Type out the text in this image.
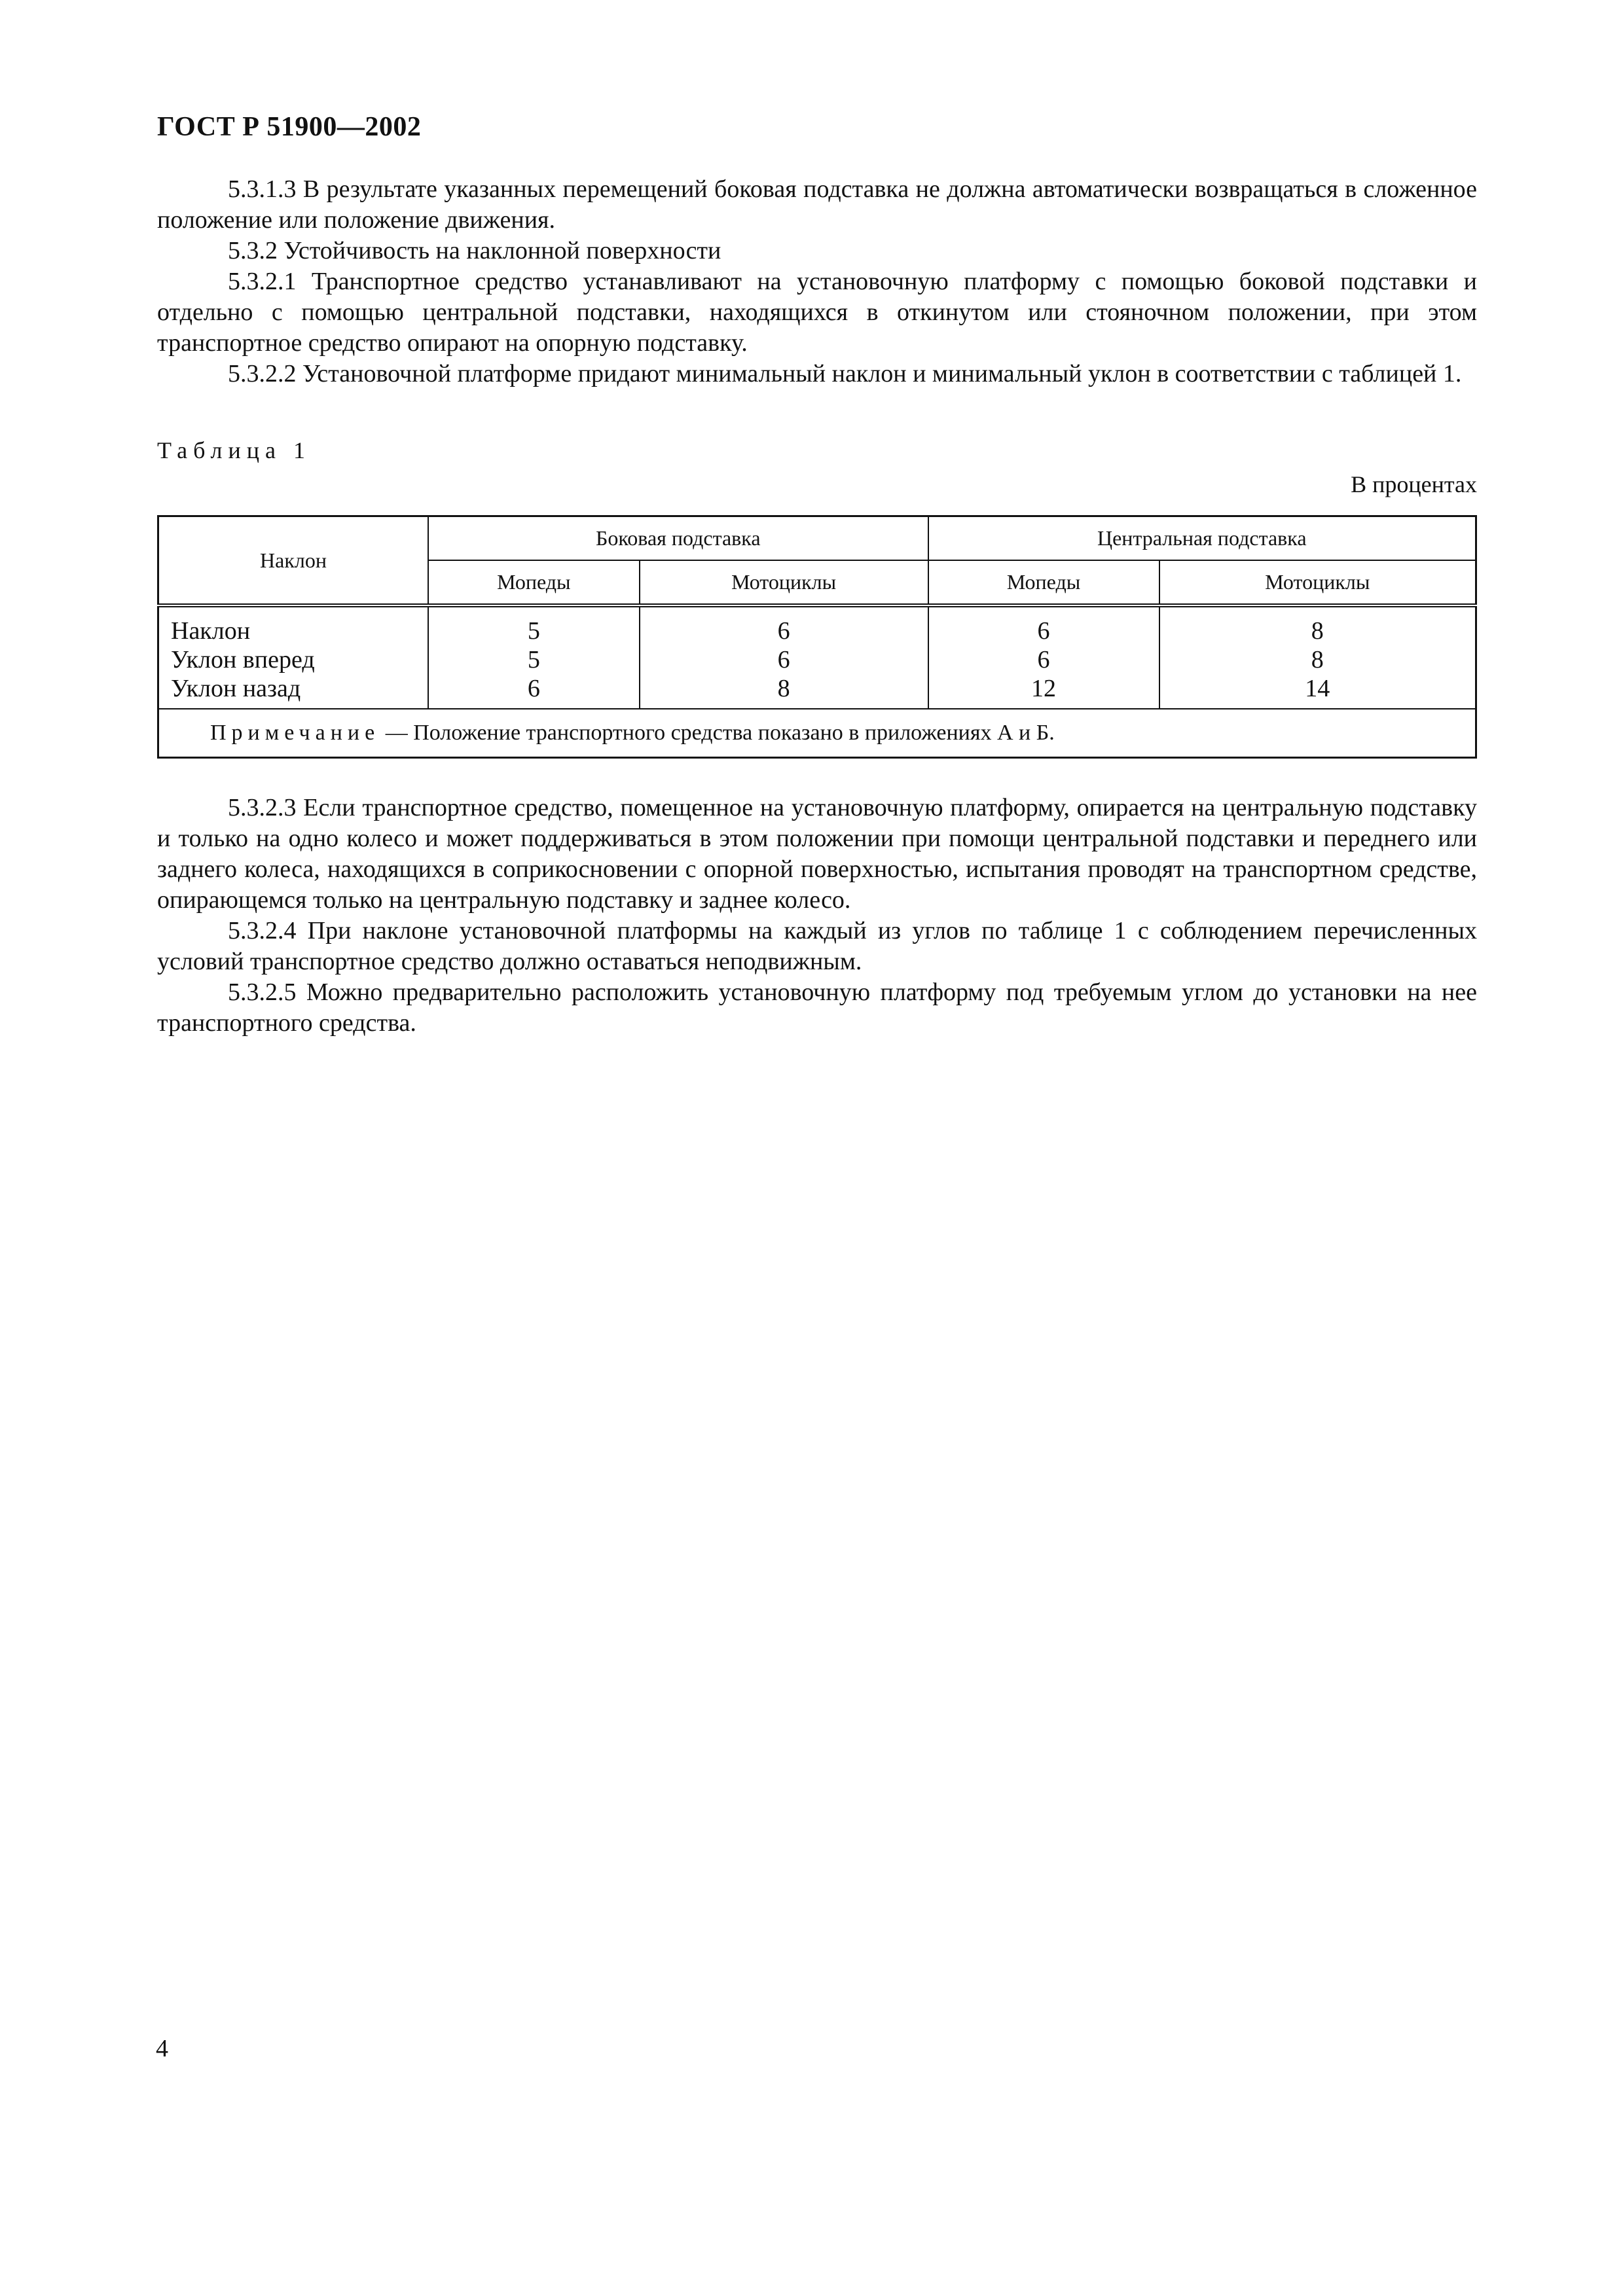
ГОСТ Р 51900—2002

5.3.1.3 В результате указанных перемещений боковая подставка не должна автоматически возвращаться в сложенное положение или положение движения.

5.3.2 Устойчивость на наклонной поверхности

5.3.2.1 Транспортное средство устанавливают на установочную платформу с помощью боковой подставки и отдельно с помощью центральной подставки, находящихся в откинутом или стояночном положении, при этом транспортное средство опирают на опорную подставку.

5.3.2.2 Установочной платформе придают минимальный наклон и минимальный уклон в соответствии с таблицей 1.

Таблица 1
В процентах
Наклон	Боковая подставка		Центральная подставка	
	Мопеды	Мотоциклы	Мопеды	Мотоциклы
Наклон	5	6	6	8
Уклон вперед	5	6	6	8
Уклон назад	6	8	12	14
Примечание — Положение транспортного средства показано в приложениях А и Б.				

5.3.2.3 Если транспортное средство, помещенное на установочную платформу, опирается на центральную подставку и только на одно колесо и может поддерживаться в этом положении при помощи центральной подставки и переднего или заднего колеса, находящихся в соприкосновении с опорной поверхностью, испытания проводят на транспортном средстве, опирающемся только на центральную подставку и заднее колесо.

5.3.2.4 При наклоне установочной платформы на каждый из углов по таблице 1 с соблюдением перечисленных условий транспортное средство должно оставаться неподвижным.

5.3.2.5 Можно предварительно расположить установочную платформу под требуемым углом до установки на нее транспортного средства.

4
